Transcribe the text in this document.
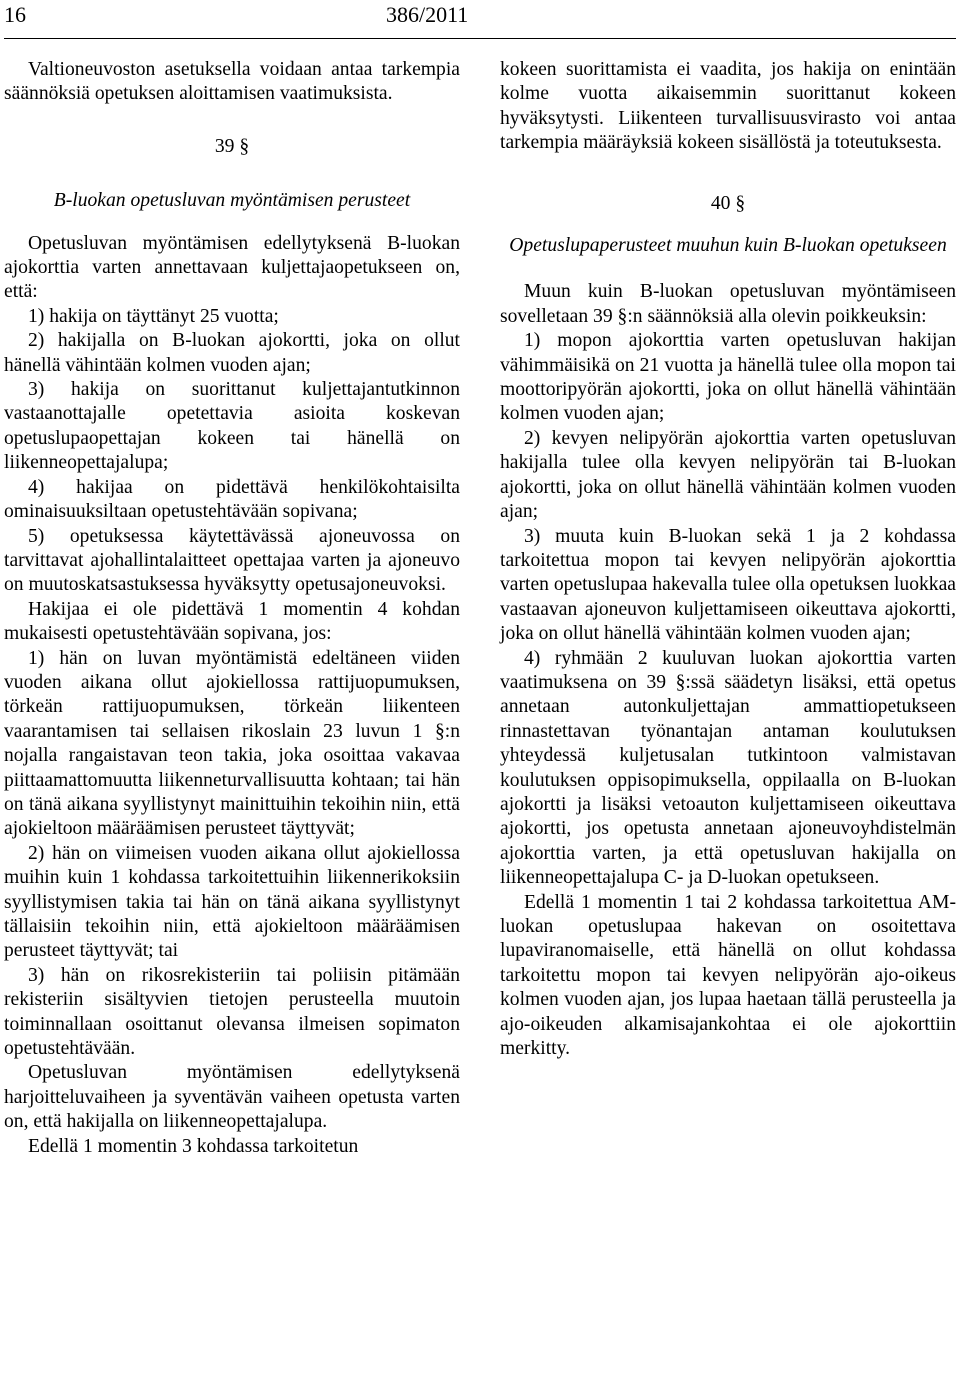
16	386/2011

Valtioneuvoston asetuksella voidaan antaa tarkempia säännöksiä opetuksen aloittamisen vaatimuksista.

39 §
B-luokan opetusluvan myöntämisen perusteet

Opetusluvan myöntämisen edellytyksenä B-luokan ajokorttia varten annettavaan kuljettajaopetukseen on, että:

1) hakija on täyttänyt 25 vuotta;

2) hakijalla on B-luokan ajokortti, joka on ollut hänellä vähintään kolmen vuoden ajan;

3) hakija on suorittanut kuljettajantutkinnon vastaanottajalle opetettavia asioita koskevan opetuslupaopettajan kokeen tai hänellä on liikenneopettajalupa;

4) hakijaa on pidettävä henkilökohtaisilta ominaisuuksiltaan opetustehtävään sopivana;

5) opetuksessa käytettävässä ajoneuvossa on tarvittavat ajohallintalaitteet opettajaa varten ja ajoneuvo on muutoskatsastuksessa hyväksytty opetusajoneuvoksi.

Hakijaa ei ole pidettävä 1 momentin 4 kohdan mukaisesti opetustehtävään sopivana, jos:

1) hän on luvan myöntämistä edeltäneen viiden vuoden aikana ollut ajokiellossa rattijuopumuksen, törkeän rattijuopumuksen, törkeän liikenteen vaarantamisen tai sellaisen rikoslain 23 luvun 1 §:n nojalla rangaistavan teon takia, joka osoittaa vakavaa piittaamattomuutta liikenneturvallisuutta kohtaan; tai hän on tänä aikana syyllistynyt mainittuihin tekoihin niin, että ajokieltoon määräämisen perusteet täyttyvät;

2) hän on viimeisen vuoden aikana ollut ajokiellossa muihin kuin 1 kohdassa tarkoitettuihin liikennerikoksiin syyllistymisen takia tai hän on tänä aikana syyllistynyt tällaisiin tekoihin niin, että ajokieltoon määräämisen perusteet täyttyvät; tai

3) hän on rikosrekisteriin tai poliisin pitämään rekisteriin sisältyvien tietojen perusteella muutoin toiminnallaan osoittanut olevansa ilmeisen sopimaton opetustehtävään.

Opetusluvan myöntämisen edellytyksenä harjoitteluvaiheen ja syventävän vaiheen opetusta varten on, että hakijalla on liikenneopettajalupa.

Edellä 1 momentin 3 kohdassa tarkoitetun

kokeen suorittamista ei vaadita, jos hakija on enintään kolme vuotta aikaisemmin suorittanut kokeen hyväksytysti. Liikenteen turvallisuusvirasto voi antaa tarkempia määräyksiä kokeen sisällöstä ja toteutuksesta.

40 §
Opetuslupaperusteet muuhun kuin B-luokan opetukseen

Muun kuin B-luokan opetusluvan myöntämiseen sovelletaan 39 §:n säännöksiä alla olevin poikkeuksin:

1) mopon ajokorttia varten opetusluvan hakijan vähimmäisikä on 21 vuotta ja hänellä tulee olla mopon tai moottoripyörän ajokortti, joka on ollut hänellä vähintään kolmen vuoden ajan;

2) kevyen nelipyörän ajokorttia varten opetusluvan hakijalla tulee olla kevyen nelipyörän tai B-luokan ajokortti, joka on ollut hänellä vähintään kolmen vuoden ajan;

3) muuta kuin B-luokan sekä 1 ja 2 kohdassa tarkoitettua mopon tai kevyen nelipyörän ajokorttia varten opetuslupaa hakevalla tulee olla opetuksen luokkaa vastaavan ajoneuvon kuljettamiseen oikeuttava ajokortti, joka on ollut hänellä vähintään kolmen vuoden ajan;

4) ryhmään 2 kuuluvan luokan ajokorttia varten vaatimuksena on 39 §:ssä säädetyn lisäksi, että opetus annetaan autonkuljettajan ammattiopetukseen rinnastettavan työnantajan antaman koulutuksen yhteydessä kuljetusalan tutkintoon valmistavan koulutuksen oppisopimuksella, oppilaalla on B-luokan ajokortti ja lisäksi vetoauton kuljettamiseen oikeuttava ajokortti, jos opetusta annetaan ajoneuvoyhdistelmän ajokorttia varten, ja että opetusluvan hakijalla on liikenneopettajalupa C- ja D-luokan opetukseen.

Edellä 1 momentin 1 tai 2 kohdassa tarkoitettua AM-luokan opetuslupaa hakevan on osoitettava lupaviranomaiselle, että hänellä on ollut kohdassa tarkoitettu mopon tai kevyen nelipyörän ajo-oikeus kolmen vuoden ajan, jos lupaa haetaan tällä perusteella ja ajo-oikeuden alkamisajankohtaa ei ole ajokorttiin merkitty.
